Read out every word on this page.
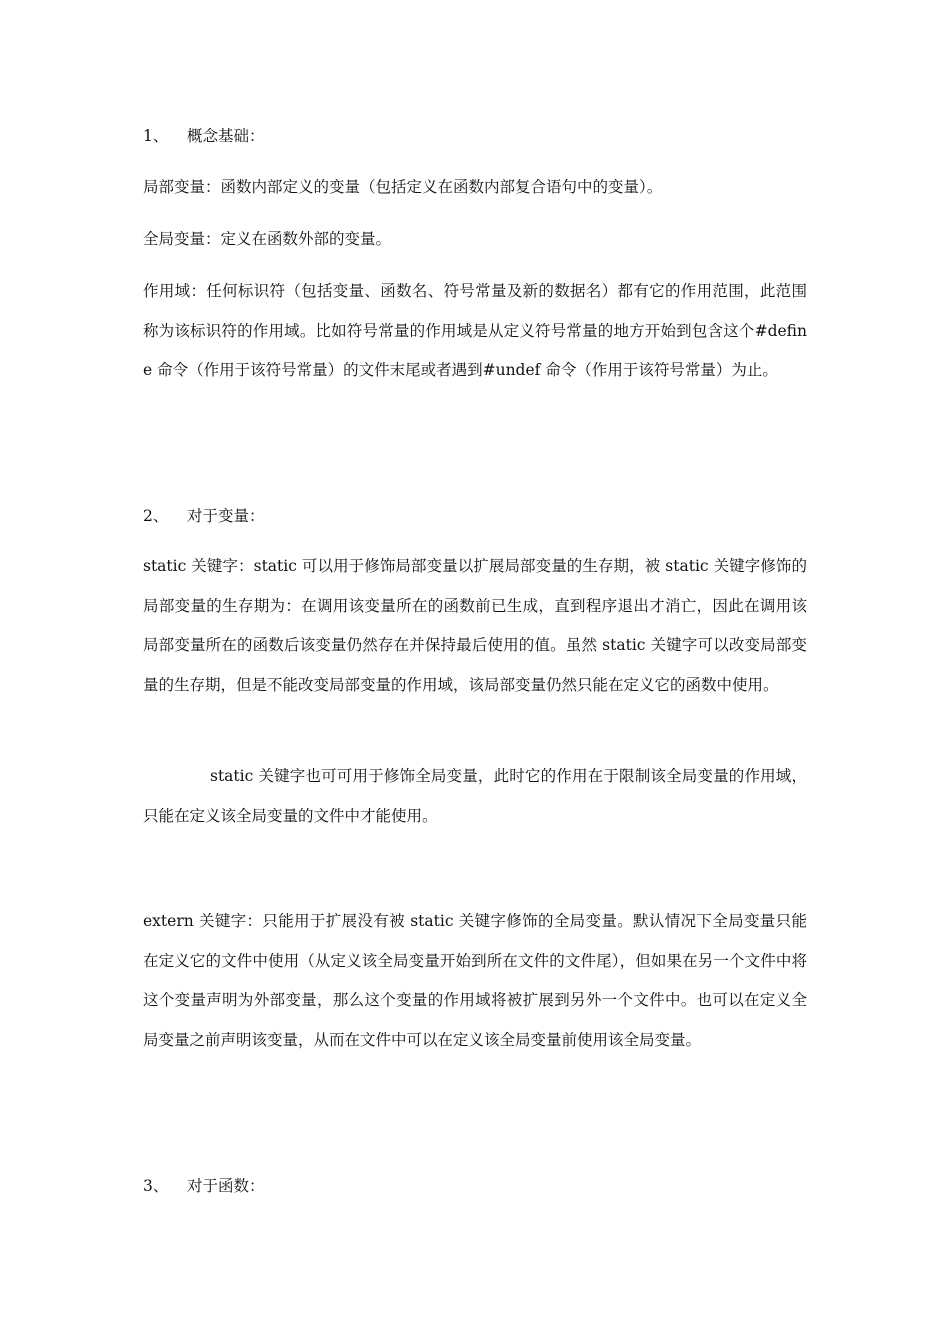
1、 概念基础：

局部变量：函数内部定义的变量（包括定义在函数内部复合语句中的变量）。

全局变量：定义在函数外部的变量。

作用域：任何标识符（包括变量、函数名、符号常量及新的数据名）都有它的作用范围，此范围称为该标识符的作用域。比如符号常量的作用域是从定义符号常量的地方开始到包含这个#define 命令（作用于该符号常量）的文件末尾或者遇到#undef 命令（作用于该符号常量）为止。

2、 对于变量：

static 关键字：static 可以用于修饰局部变量以扩展局部变量的生存期，被 static 关键字修饰的局部变量的生存期为：在调用该变量所在的函数前已生成，直到程序退出才消亡，因此在调用该局部变量所在的函数后该变量仍然存在并保持最后使用的值。虽然 static 关键字可以改变局部变量的生存期，但是不能改变局部变量的作用域，该局部变量仍然只能在定义它的函数中使用。

static 关键字也可可用于修饰全局变量，此时它的作用在于限制该全局变量的作用域，只能在定义该全局变量的文件中才能使用。

extern 关键字：只能用于扩展没有被 static 关键字修饰的全局变量。默认情况下全局变量只能在定义它的文件中使用（从定义该全局变量开始到所在文件的文件尾），但如果在另一个文件中将这个变量声明为外部变量，那么这个变量的作用域将被扩展到另外一个文件中。也可以在定义全局变量之前声明该变量，从而在文件中可以在定义该全局变量前使用该全局变量。

3、 对于函数：
